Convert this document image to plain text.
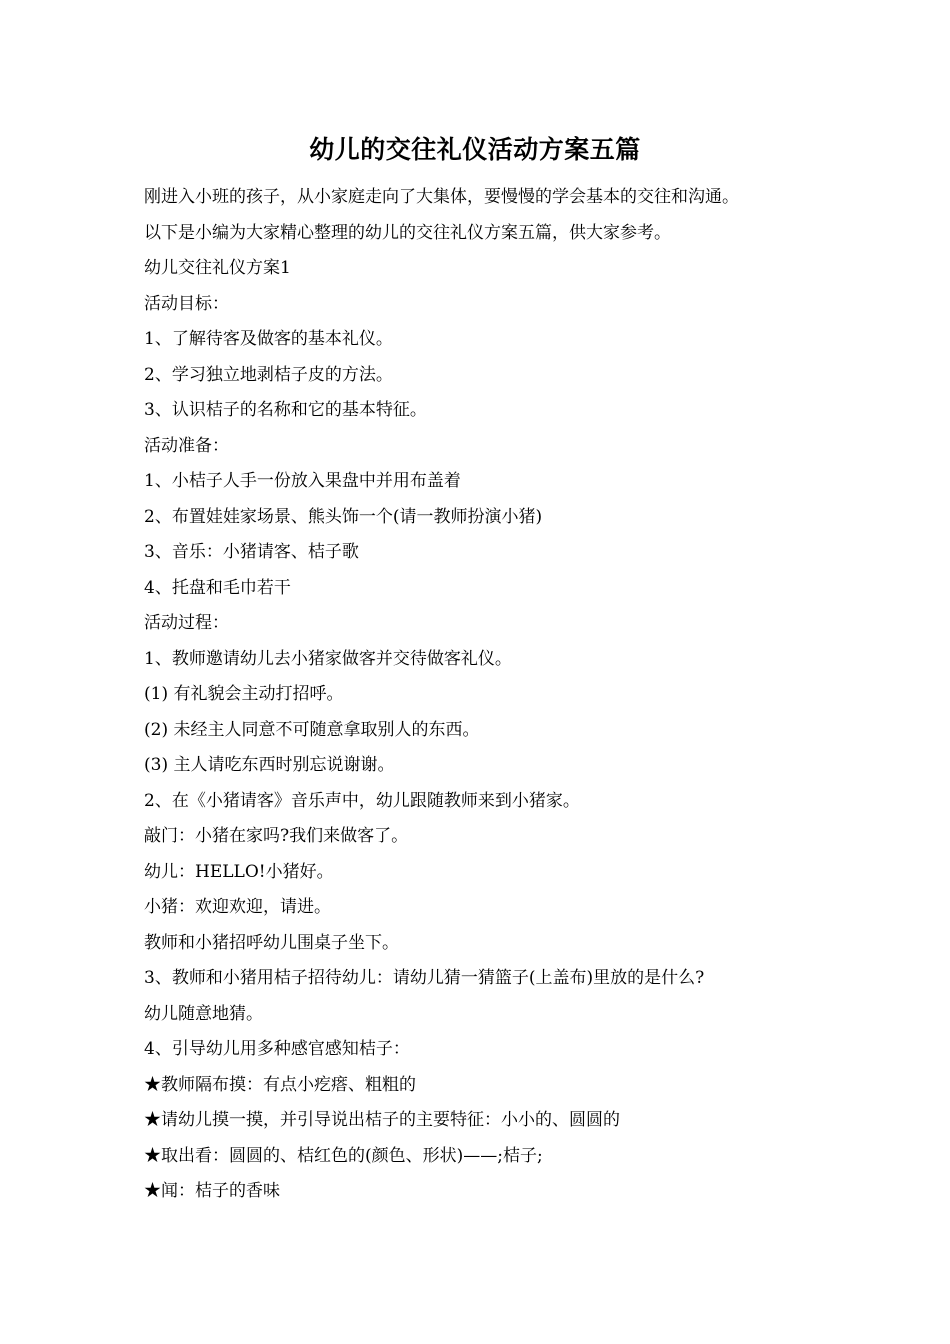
幼儿的交往礼仪活动方案五篇
刚进入小班的孩子，从小家庭走向了大集体，要慢慢的学会基本的交往和沟通。
以下是小编为大家精心整理的幼儿的交往礼仪方案五篇，供大家参考。
幼儿交往礼仪方案1
活动目标：
1、了解待客及做客的基本礼仪。
2、学习独立地剥桔子皮的方法。
3、认识桔子的名称和它的基本特征。
活动准备：
1、小桔子人手一份放入果盘中并用布盖着
2、布置娃娃家场景、熊头饰一个(请一教师扮演小猪)
3、音乐：小猪请客、桔子歌
4、托盘和毛巾若干
活动过程：
1、教师邀请幼儿去小猪家做客并交待做客礼仪。
(1) 有礼貌会主动打招呼。
(2) 未经主人同意不可随意拿取别人的东西。
(3) 主人请吃东西时别忘说谢谢。
2、在《小猪请客》音乐声中，幼儿跟随教师来到小猪家。
敲门：小猪在家吗?我们来做客了。
幼儿：HELLO!小猪好。
小猪：欢迎欢迎，请进。
教师和小猪招呼幼儿围桌子坐下。
3、教师和小猪用桔子招待幼儿：请幼儿猜一猜篮子(上盖布)里放的是什么?
幼儿随意地猜。
4、引导幼儿用多种感官感知桔子：
★教师隔布摸：有点小疙瘩、粗粗的
★请幼儿摸一摸，并引导说出桔子的主要特征：小小的、圆圆的
★取出看：圆圆的、桔红色的(颜色、形状)——;桔子;
★闻：桔子的香味
